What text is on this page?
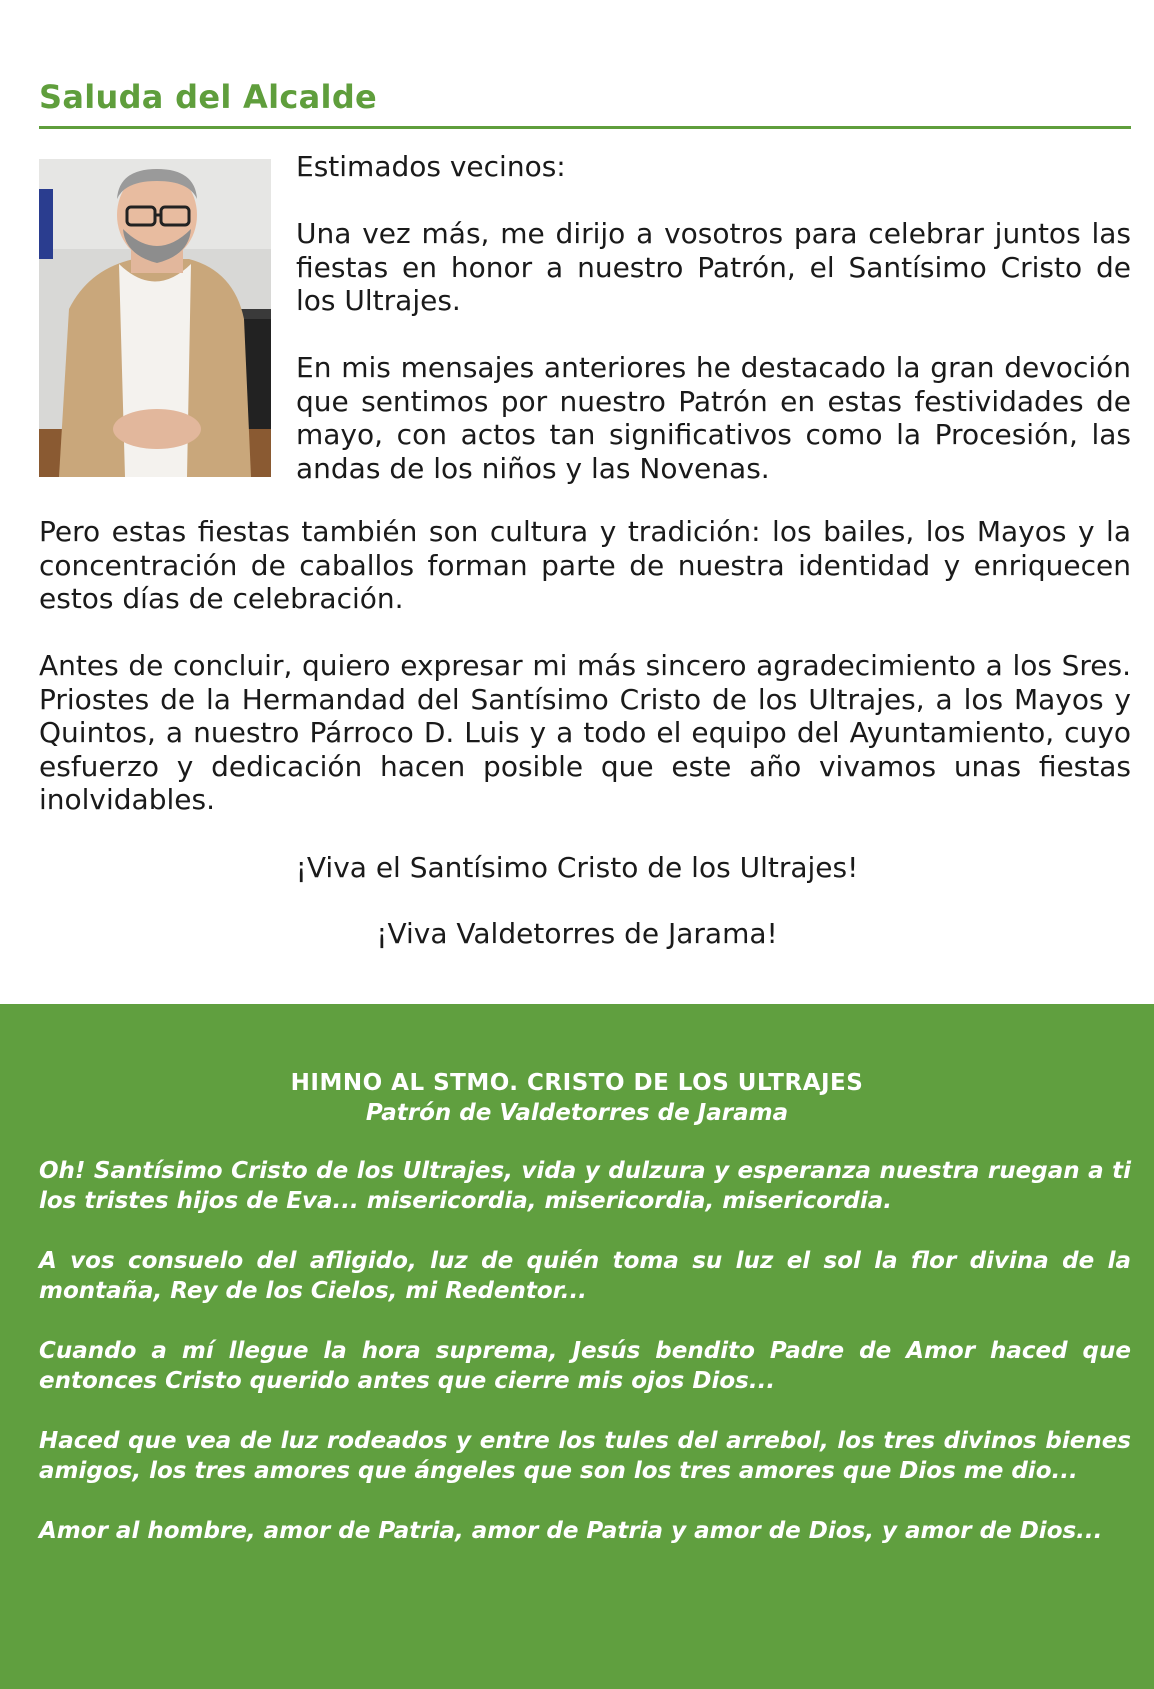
Saluda del Alcalde

Estimados vecinos:

Una vez más, me dirijo a vosotros para celebrar juntos las fiestas en honor a nuestro Patrón, el Santísimo Cristo de los Ultrajes.

En mis mensajes anteriores he destacado la gran devoción que sentimos por nuestro Patrón en estas festividades de mayo, con actos tan significativos como la Procesión, las andas de los niños y las Novenas.

Pero estas fiestas también son cultura y tradición: los bailes, los Mayos y la concentración de caballos forman parte de nuestra identidad y enriquecen estos días de celebración.

Antes de concluir, quiero expresar mi más sincero agradecimiento a los Sres. Priostes de la Hermandad del Santísimo Cristo de los Ultrajes, a los Mayos y Quintos, a nuestro Párroco D. Luis y a todo el equipo del Ayuntamiento, cuyo esfuerzo y dedicación hacen posible que este año vivamos unas fiestas inolvidables.

¡Viva el Santísimo Cristo de los Ultrajes!
¡Viva Valdetorres de Jarama!
HIMNO AL STMO. CRISTO DE LOS ULTRAJES
Patrón de Valdetorres de Jarama

Oh! Santísimo Cristo de los Ultrajes, vida y dulzura y esperanza nuestra ruegan a ti los tristes hijos de Eva... misericordia, misericordia, misericordia.

A vos consuelo del afligido, luz de quién toma su luz el sol la flor divina de la montaña, Rey de los Cielos, mi Redentor...

Cuando a mí llegue la hora suprema, Jesús bendito Padre de Amor haced que entonces Cristo querido antes que cierre mis ojos Dios...

Haced que vea de luz rodeados y entre los tules del arrebol, los tres divinos bienes amigos, los tres amores que ángeles que son los tres amores que Dios me dio...

Amor al hombre, amor de Patria, amor de Patria y amor de Dios, y amor de Dios...
